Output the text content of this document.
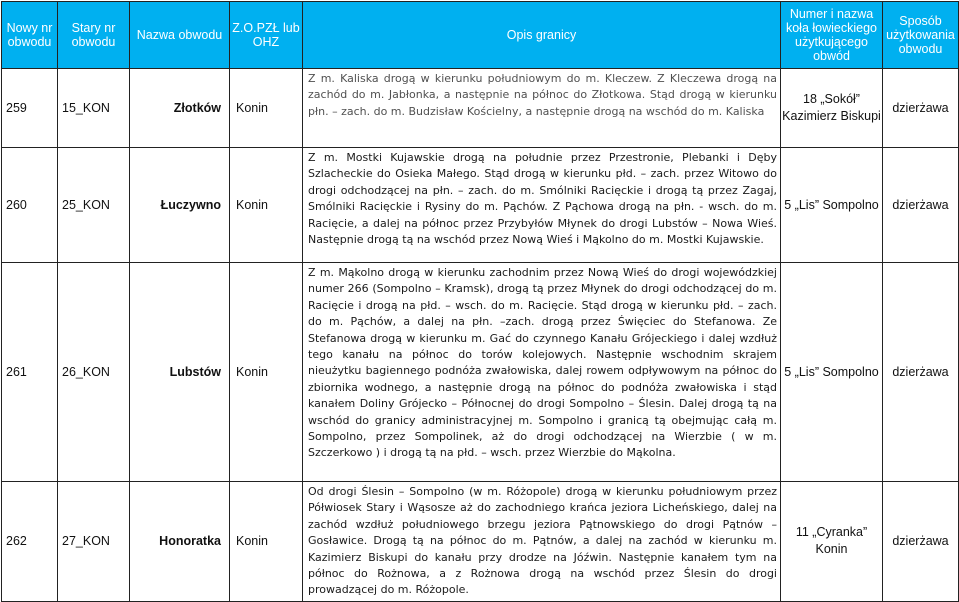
Nowy nr obwodu	Stary nr obwodu	Nazwa obwodu	Z.O.PZŁ lub OHZ	Opis granicy	Numer i nazwa koła łowieckiego użytkującego obwód	Sposób użytkowania obwodu
259	15_KON	Złotków	Konin	Z m. Kaliska drogą w kierunku południowym do m. Kleczew. Z Kleczewa drogą na zachód do m. Jabłonka, a następnie na północ do Złotkowa. Stąd drogą w kierunku płn. – zach. do m. Budzisław Kościelny, a następnie drogą na wschód do m. Kaliska	18 „Sokół” Kazimierz Biskupi	dzierżawa
260	25_KON	Łuczywno	Konin	Z m. Mostki Kujawskie drogą na południe przez Przestronie, Plebanki i Dęby Szlacheckie do Osieka Małego. Stąd drogą w kierunku płd. – zach. przez Witowo do drogi odchodzącej na płn. – zach. do m. Smólniki Racięckie i drogą tą przez Zagaj, Smólniki Racięckie i Rysiny do m. Pąchów. Z Pąchowa drogą na płn. - wsch. do m. Racięcie, a dalej na północ przez Przybyłów Młynek do drogi Lubstów – Nowa Wieś. Następnie drogą tą na wschód przez Nową Wieś i Mąkolno do m. Mostki Kujawskie.	5 „Lis” Sompolno	dzierżawa
261	26_KON	Lubstów	Konin	Z m. Mąkolno drogą w kierunku zachodnim przez Nową Wieś do drogi wojewódzkiej numer 266 (Sompolno – Kramsk), drogą tą przez Młynek do drogi odchodzącej do m. Racięcie i drogą na płd. – wsch. do m. Racięcie. Stąd drogą w kierunku płd. – zach. do m. Pąchów, a dalej na płn. –zach. drogą przez Święciec do Stefanowa. Ze Stefanowa drogą w kierunku m. Gać do czynnego Kanału Grójeckiego i dalej wzdłuż tego kanału na północ do torów kolejowych. Następnie wschodnim skrajem nieużytku bagiennego podnóża zwałowiska, dalej rowem odpływowym na północ do zbiornika wodnego, a następnie drogą na północ do podnóża zwałowiska i stąd kanałem Doliny Grójecko – Północnej do drogi Sompolno – Ślesin. Dalej drogą tą na wschód do granicy administracyjnej m. Sompolno i granicą tą obejmując całą m. Sompolno, przez Sompolinek, aż do drogi odchodzącej na Wierzbie ( w m. Szczerkowo ) i drogą tą na płd. – wsch. przez Wierzbie do Mąkolna.	5 „Lis” Sompolno	dzierżawa
262	27_KON	Honoratka	Konin	Od drogi Ślesin – Sompolno (w m. Różopole) drogą w kierunku południowym przez Półwiosek Stary i Wąsosze aż do zachodniego krańca jeziora Licheńskiego, dalej na zachód wzdłuż południowego brzegu jeziora Pątnowskiego do drogi Pątnów – Gosławice. Drogą tą na północ do m. Pątnów, a dalej na zachód w kierunku m. Kazimierz Biskupi do kanału przy drodze na Jóźwin. Następnie kanałem tym na północ do Rożnowa, a z Rożnowa drogą na wschód przez Ślesin do drogi prowadzącej do m. Różopole.	11 „Cyranka” Konin	dzierżawa
